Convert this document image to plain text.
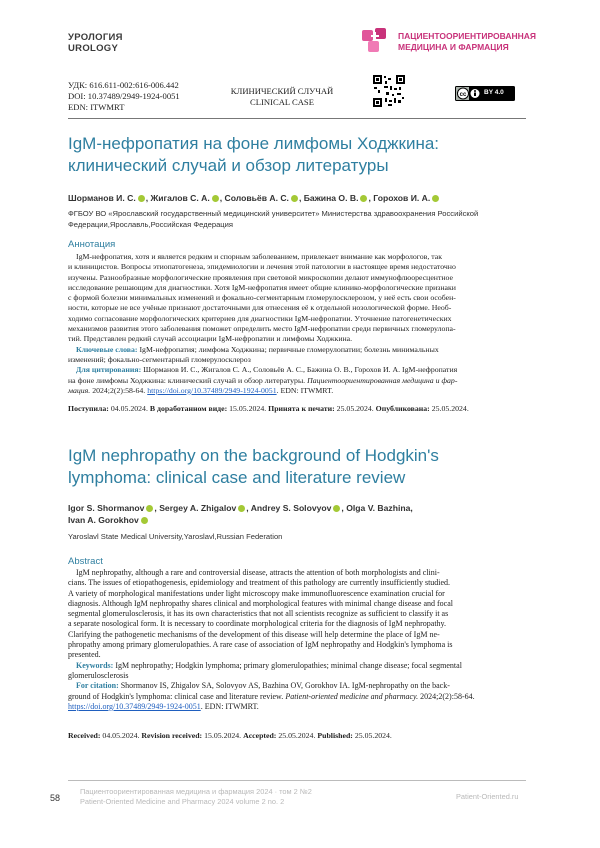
УРОЛОГИЯ
UROLOGY
ПАЦИЕНТООРИЕНТИРОВАННАЯ
МЕДИЦИНА И ФАРМАЦИЯ
УДК: 616.611-002:616-006.442
DOI: 10.37489/2949-1924-0051
EDN: ITWMRT
КЛИНИЧЕСКИЙ СЛУЧАЙ
CLINICAL CASE
cc	BY 4.0
IgM-нефропатия на фоне лимфомы Ходжкина:
клинический случай и обзор литературы
Шорманов И. С. , Жигалов С. А. , Соловьёв А. С. , Бажина О. В. , Горохов И. А.
ФГБОУ ВО «Ярославский государственный медицинский университет» Министерства здравоохранения Российской
Федерации,Ярославль,Российская Федерация
Аннотация
IgM-нефропатия, хотя и является редким и спорным заболеванием, привлекает внимание как морфологов, так
и клиницистов. Вопросы этиопатогенеза, эпидемиологии и лечения этой патологии в настоящее время недостаточно
изучены. Разнообразные морфологические проявления при световой микроскопии делают иммунофлюоресцентное
исследование решающим для диагностики. Хотя IgM-нефропатия имеет общие клинико-морфологические признаки
с формой болезни минимальных изменений и фокально-сегментарным гломерулосклерозом, у неё есть свои особен-
ности, которые не все учёные признают достаточными для отнесения её к отдельной нозологической форме. Необ-
ходимо согласование морфологических критериев для диагностики IgM-нефропатии. Уточнение патогенетических
механизмов развития этого заболевания поможет определить место IgM-нефропатии среди первичных гломерулопа-
тий. Представлен редкий случай ассоциации IgM-нефропатии и лимфомы Ходжкина.
Ключевые слова: IgM-нефропатия; лимфома Ходжкина; первичные гломерулопатии; болезнь минимальных
изменений; фокально-сегментарный гломерулосклероз
Для цитирования: Шорманов И. С., Жигалов С. А., Соловьёв А. С., Бажина О. В., Горохов И. А. IgM-нефропатия
на фоне лимфомы Ходжкина: клинический случай и обзор литературы. Пациентоориентированная медицина и фар-
мация. 2024;2(2):58-64. https://doi.org/10.37489/2949-1924-0051. EDN: ITWMRT.
Поступила: 04.05.2024. В доработанном виде: 15.05.2024. Принята к печати: 25.05.2024. Опубликована: 25.05.2024.
IgM nephropathy on the background of Hodgkin's
lymphoma: clinical case and literature review
Igor S. Shormanov , Sergey A. Zhigalov , Andrey S. Solovyov , Olga V. Bazhina,
Ivan A. Gorokhov
Yaroslavl State Medical University,Yaroslavl,Russian Federation
Abstract
IgM nephropathy, although a rare and controversial disease, attracts the attention of both morphologists and clini-
cians. The issues of etiopathogenesis, epidemiology and treatment of this pathology are currently insufficiently studied.
A variety of morphological manifestations under light microscopy make immunofluorescence examination crucial for
diagnosis. Although IgM nephropathy shares clinical and morphological features with minimal change disease and focal
segmental glomerulosclerosis, it has its own characteristics that not all scientists recognize as sufficient to classify it as
a separate nosological form. It is necessary to coordinate morphological criteria for the diagnosis of IgM nephropathy.
Clarifying the pathogenetic mechanisms of the development of this disease will help determine the place of IgM ne-
phropathy among primary glomerulopathies. A rare case of association of IgM nephropathy and Hodgkin's lymphoma is
presented.
Keywords: IgM nephropathy; Hodgkin lymphoma; primary glomerulopathies; minimal change disease; focal segmental
glomerulosclerosis
For citation: Shormanov IS, Zhigalov SA, Solovyov AS, Bazhina OV, Gorokhov IA. IgM-nephropathy on the back-
ground of Hodgkin's lymphoma: clinical case and literature review. Patient-oriented medicine and pharmacy. 2024;2(2):58-64.
https://doi.org/10.37489/2949-1924-0051. EDN: ITWMRT.
Received: 04.05.2024. Revision received: 15.05.2024. Accepted: 25.05.2024. Published: 25.05.2024.
58
Пациентоориентированная медицина и фармация 2024 · том 2 №2
Patient-Oriented Medicine and Pharmacy 2024 volume 2 no. 2
Patient-Oriented.ru
